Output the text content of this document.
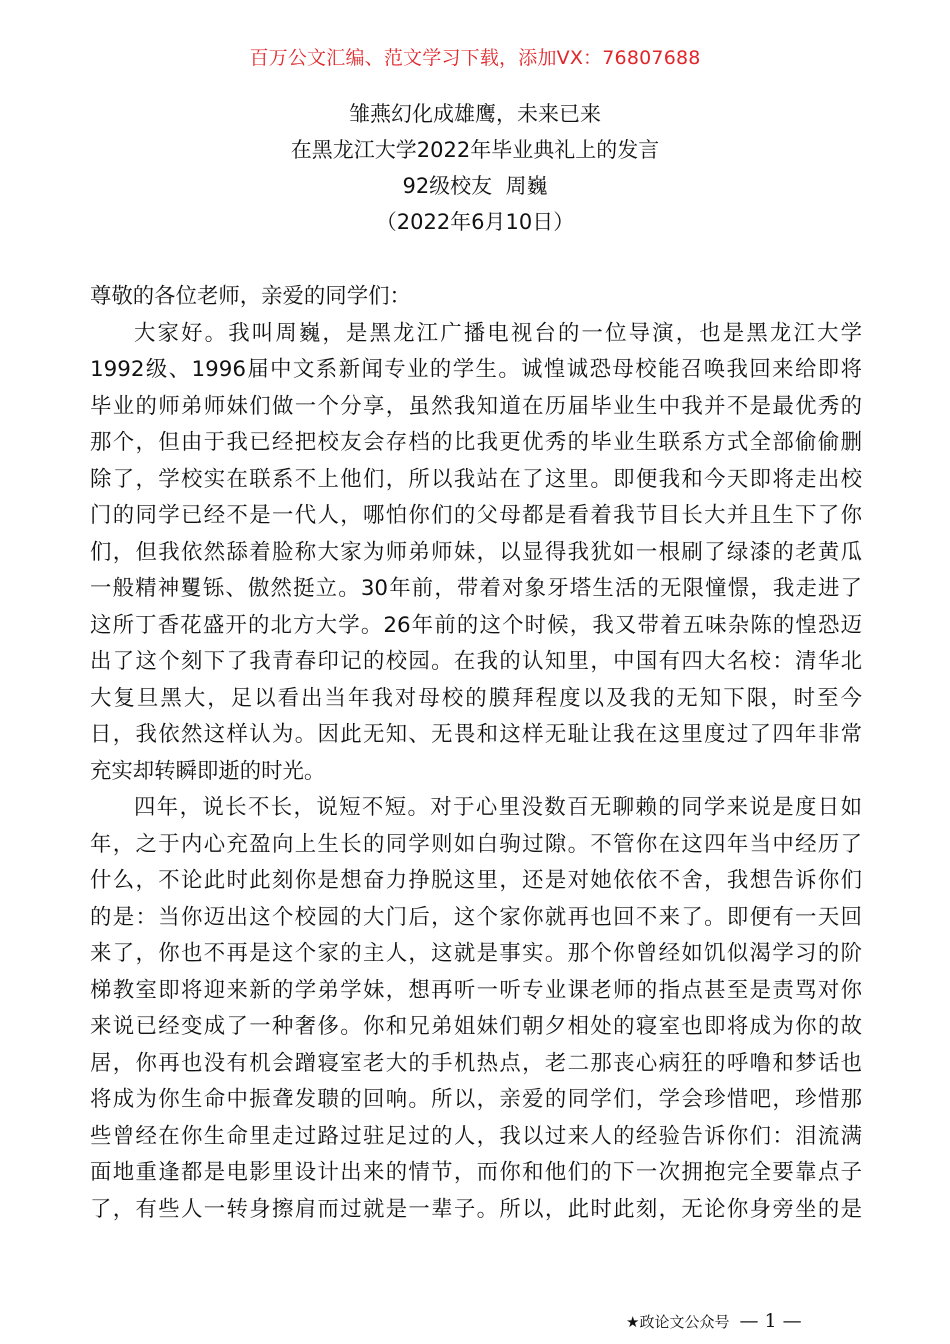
百万公文汇编、范文学习下载，添加VX：76807688
雏燕幻化成雄鹰，未来已来
在黑龙江大学2022年毕业典礼上的发言
92级校友  周巍
（2022年6月10日）
尊敬的各位老师，亲爱的同学们：
大家好。我叫周巍，是黑龙江广播电视台的一位导演，也是黑龙江大学
1992级、1996届中文系新闻专业的学生。诚惶诚恐母校能召唤我回来给即将
毕业的师弟师妹们做一个分享，虽然我知道在历届毕业生中我并不是最优秀的
那个，但由于我已经把校友会存档的比我更优秀的毕业生联系方式全部偷偷删
除了，学校实在联系不上他们，所以我站在了这里。即便我和今天即将走出校
门的同学已经不是一代人，哪怕你们的父母都是看着我节目长大并且生下了你
们，但我依然舔着脸称大家为师弟师妹，以显得我犹如一根刷了绿漆的老黄瓜
一般精神矍铄、傲然挺立。30年前，带着对象牙塔生活的无限憧憬，我走进了
这所丁香花盛开的北方大学。26年前的这个时候，我又带着五味杂陈的惶恐迈
出了这个刻下了我青春印记的校园。在我的认知里，中国有四大名校：清华北
大复旦黑大，足以看出当年我对母校的膜拜程度以及我的无知下限，时至今
日，我依然这样认为。因此无知、无畏和这样无耻让我在这里度过了四年非常
充实却转瞬即逝的时光。
四年，说长不长，说短不短。对于心里没数百无聊赖的同学来说是度日如
年，之于内心充盈向上生长的同学则如白驹过隙。不管你在这四年当中经历了
什么，不论此时此刻你是想奋力挣脱这里，还是对她依依不舍，我想告诉你们
的是：当你迈出这个校园的大门后，这个家你就再也回不来了。即便有一天回
来了，你也不再是这个家的主人，这就是事实。那个你曾经如饥似渴学习的阶
梯教室即将迎来新的学弟学妹，想再听一听专业课老师的指点甚至是责骂对你
来说已经变成了一种奢侈。你和兄弟姐妹们朝夕相处的寝室也即将成为你的故
居，你再也没有机会蹭寝室老大的手机热点，老二那丧心病狂的呼噜和梦话也
将成为你生命中振聋发聩的回响。所以，亲爱的同学们，学会珍惜吧，珍惜那
些曾经在你生命里走过路过驻足过的人，我以过来人的经验告诉你们：泪流满
面地重逢都是电影里设计出来的情节，而你和他们的下一次拥抱完全要靠点子
了，有些人一转身擦肩而过就是一辈子。所以，此时此刻，无论你身旁坐的是
★政论文公众号 — 1 —
